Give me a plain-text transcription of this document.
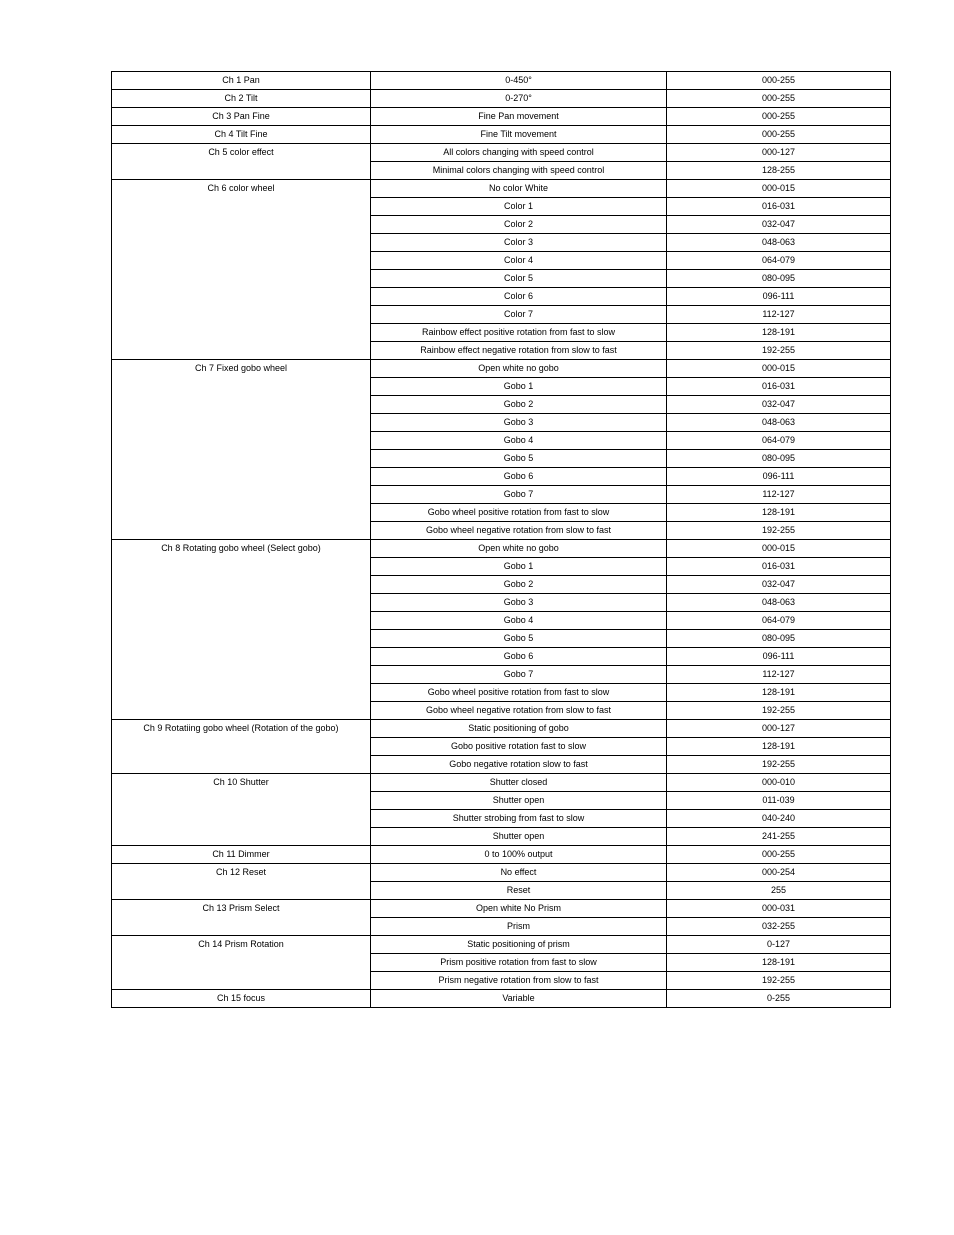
Ch 1 Pan	0-450°	000-255
Ch 2 Tilt	0-270°	000-255
Ch 3 Pan Fine	Fine Pan movement	000-255
Ch 4 Tilt Fine	Fine Tilt movement	000-255
Ch 5 color effect	All colors changing with speed control	000-127
	Minimal colors changing with speed control	128-255
Ch 6 color wheel	No color White	000-015
	Color 1	016-031
	Color 2	032-047
	Color 3	048-063
	Color 4	064-079
	Color 5	080-095
	Color 6	096-111
	Color 7	112-127
	Rainbow effect positive rotation from fast to slow	128-191
	Rainbow effect negative rotation from slow to fast	192-255
Ch 7 Fixed gobo wheel	Open white no gobo	000-015
	Gobo 1	016-031
	Gobo 2	032-047
	Gobo 3	048-063
	Gobo 4	064-079
	Gobo 5	080-095
	Gobo 6	096-111
	Gobo 7	112-127
	Gobo wheel positive rotation from fast to slow	128-191
	Gobo wheel negative rotation from slow to fast	192-255
Ch 8 Rotating gobo wheel (Select gobo)	Open white no gobo	000-015
	Gobo 1	016-031
	Gobo 2	032-047
	Gobo 3	048-063
	Gobo 4	064-079
	Gobo 5	080-095
	Gobo 6	096-111
	Gobo 7	112-127
	Gobo wheel positive rotation from fast to slow	128-191
	Gobo wheel negative rotation from slow to fast	192-255
Ch 9 Rotatiing gobo wheel (Rotation of the gobo)	Static positioning of gobo	000-127
	Gobo positive rotation fast to slow	128-191
	Gobo negative rotation slow to fast	192-255
Ch 10 Shutter	Shutter closed	000-010
	Shutter open	011-039
	Shutter strobing from fast to slow	040-240
	Shutter open	241-255
Ch 11 Dimmer	0 to 100% output	000-255
Ch 12 Reset	No effect	000-254
	Reset	255
Ch 13 Prism Select	Open white No Prism	000-031
	Prism	032-255
Ch 14 Prism Rotation	Static positioning of prism	0-127
	Prism positive rotation from fast to slow	128-191
	Prism negative rotation from slow to fast	192-255
Ch 15 focus	Variable	0-255
